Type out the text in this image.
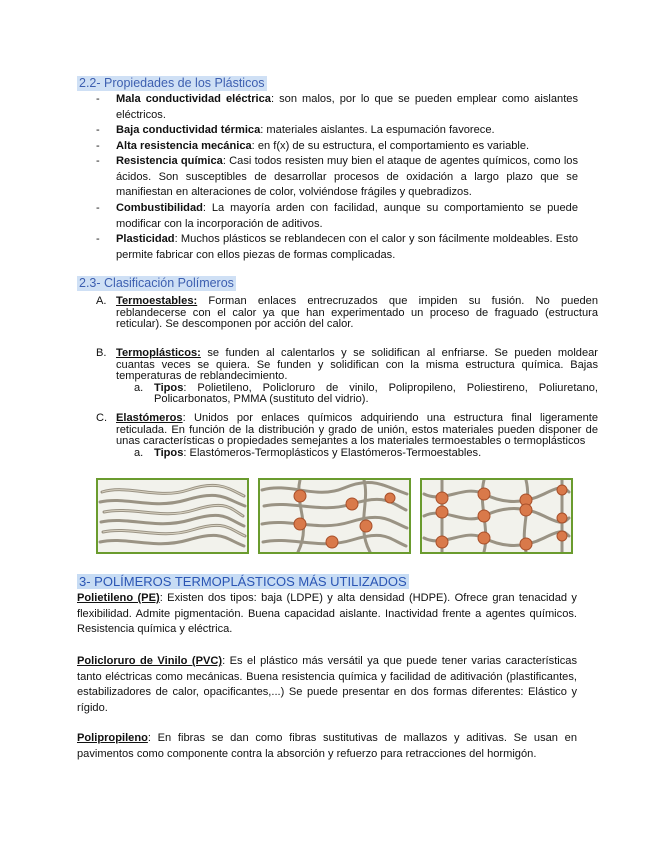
2.2- Propiedades de los Plásticos
- Mala conductividad eléctrica: son malos, por lo que se pueden emplear como aislantes eléctricos.
- Baja conductividad térmica: materiales aislantes. La espumación favorece.
- Alta resistencia mecánica: en f(x) de su estructura, el comportamiento es variable.
- Resistencia química: Casi todos resisten muy bien el ataque de agentes químicos, como los ácidos. Son susceptibles de desarrollar procesos de oxidación a largo plazo que se manifiestan en alteraciones de color, volviéndose frágiles y quebradizos.
- Combustibilidad: La mayoría arden con facilidad, aunque su comportamiento se puede modificar con la incorporación de aditivos.
- Plasticidad: Muchos plásticos se reblandecen con el calor y son fácilmente moldeables. Esto permite fabricar con ellos piezas de formas complicadas.
2.3- Clasificación Polímeros
A. Termoestables: Forman enlaces entrecruzados que impiden su fusión. No pueden reblandecerse con el calor ya que han experimentado un proceso de fraguado (estructura reticular). Se descomponen por acción del calor.
B. Termoplásticos: se funden al calentarlos y se solidifican al enfriarse. Se pueden moldear cuantas veces se quiera. Se funden y solidifican con la misma estructura química. Bajas temperaturas de reblandecimiento.
a. Tipos: Polietileno, Policloruro de vinilo, Polipropileno, Poliestireno, Poliuretano, Policarbonatos, PMMA (sustituto del vidrio).
C. Elastómeros: Unidos por enlaces químicos adquiriendo una estructura final ligeramente reticulada. En función de la distribución y grado de unión, estos materiales pueden disponer de unas características o propiedades semejantes a los materiales termoestables o termoplásticos
a. Tipos: Elastómeros-Termoplásticos y Elastómeros-Termoestables.
3- POLÍMEROS TERMOPLÁSTICOS MÁS UTILIZADOS
Polietileno (PE): Existen dos tipos: baja (LDPE) y alta densidad (HDPE). Ofrece gran tenacidad y flexibilidad. Admite pigmentación. Buena capacidad aislante. Inactividad frente a agentes químicos. Resistencia química y eléctrica.
Policloruro de Vinilo (PVC): Es el plástico más versátil ya que puede tener varias características tanto eléctricas como mecánicas. Buena resistencia química y facilidad de aditivación (plastificantes, estabilizadores de calor, opacificantes,...) Se puede presentar en dos formas diferentes: Elástico y rígido.
Polipropileno: En fibras se dan como fibras sustitutivas de mallazos y aditivas. Se usan en pavimentos como componente contra la absorción y refuerzo para retracciones del hormigón.
